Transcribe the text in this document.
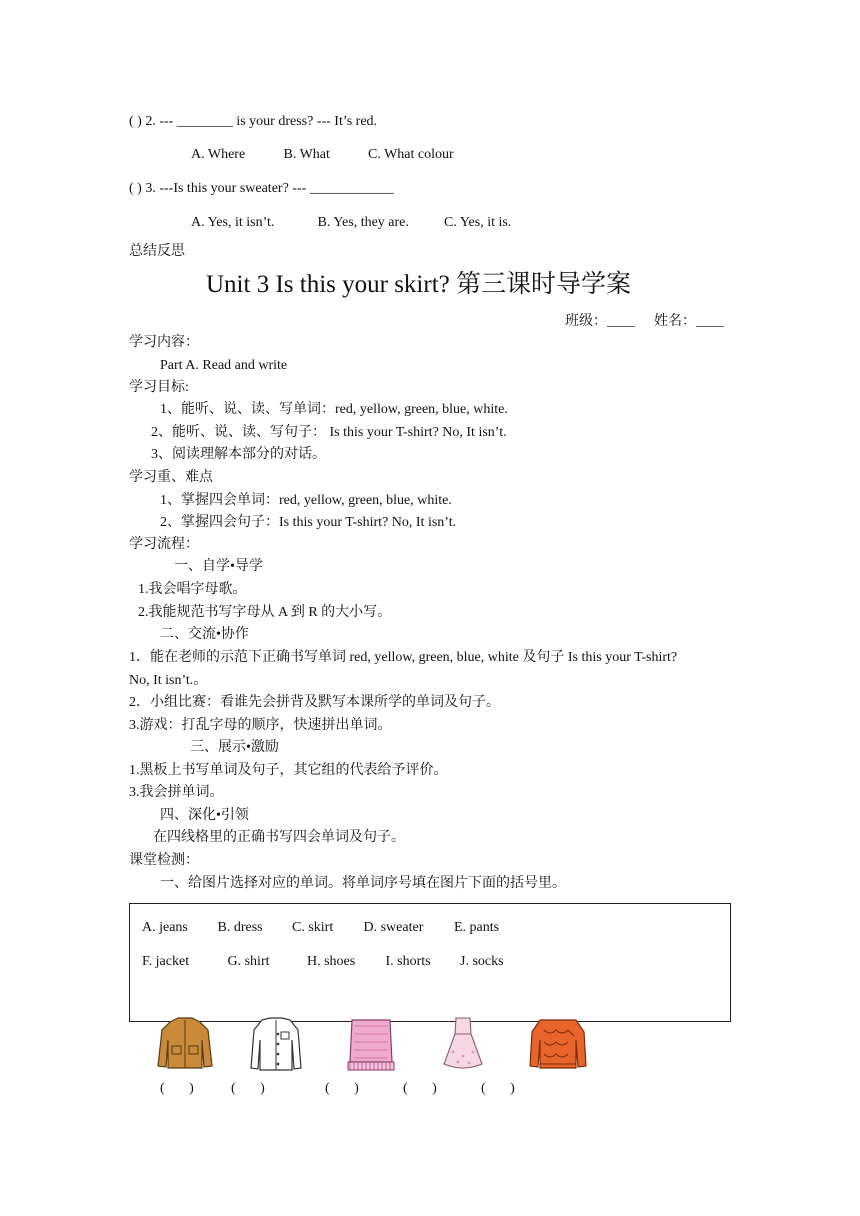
( ) 2. --- ________ is your dress? --- It’s red.
A. Where	B. What	C. What colour
( ) 3. ---Is this your sweater? --- ____________
A. Yes, it isn’t.	B. Yes, they are.	C. Yes, it is.
总结反思
Unit 3 Is this your skirt? 第三课时导学案
班级：____ 姓名：____
学习内容：
Part A. Read and write
学习目标:
1、能听、说、读、写单词：red, yellow, green, blue, white.
2、能听、说、读、写句子： Is this your T-shirt? No, It isn’t.
3、阅读理解本部分的对话。
学习重、难点
1、掌握四会单词：red, yellow, green, blue, white.
2、掌握四会句子：Is this your T-shirt? No, It isn’t.
学习流程：
一、自学•导学
1.我会唱字母歌。
2.我能规范书写字母从 A 到 R 的大小写。
二、交流•协作
1．能在老师的示范下正确书写单词 red, yellow, green, blue, white 及句子 Is this your T-shirt?
No, It isn’t.。
2．小组比赛：看谁先会拼背及默写本课所学的单词及句子。
3.游戏：打乱字母的顺序，快速拼出单词。
三、展示•激励
1.黑板上书写单词及句子，其它组的代表给予评价。
3.我会拼单词。
四、深化•引领
在四线格里的正确书写四会单词及句子。
课堂检测：
一、给图片选择对应的单词。将单词序号填在图片下面的括号里。
A. jeans B. dress C. skirt D. sweater E. pants
F. jacket	G. shirt	H. shoes I. shorts J. socks
(       )	(       )	(       )	(       )	(       )
